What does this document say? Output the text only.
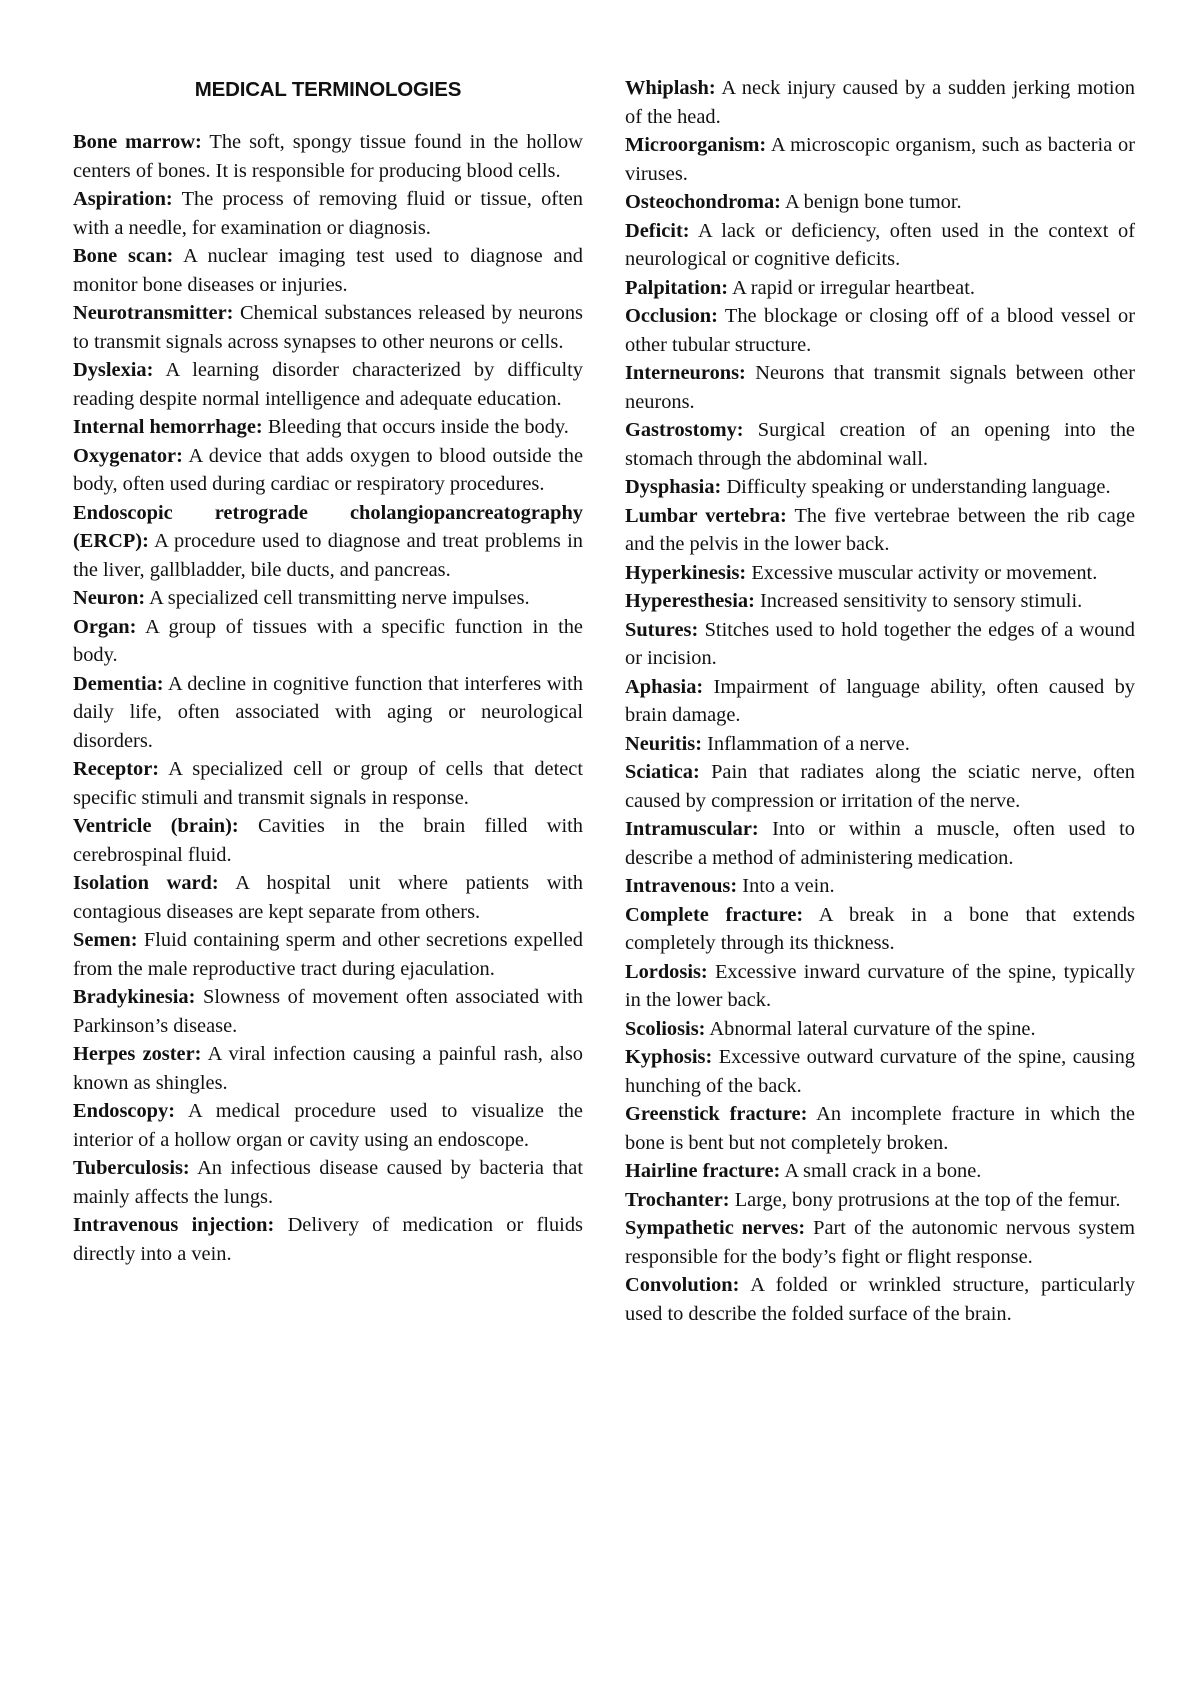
MEDICAL TERMINOLOGIES

Bone marrow: The soft, spongy tissue found in the hollow centers of bones. It is responsible for producing blood cells.

Aspiration: The process of removing fluid or tissue, often with a needle, for examination or diagnosis.

Bone scan: A nuclear imaging test used to diagnose and monitor bone diseases or injuries.

Neurotransmitter: Chemical substances released by neurons to transmit signals across synapses to other neurons or cells.

Dyslexia: A learning disorder characterized by difficulty reading despite normal intelligence and adequate education.

Internal hemorrhage: Bleeding that occurs inside the body.

Oxygenator: A device that adds oxygen to blood outside the body, often used during cardiac or respiratory procedures.

Endoscopic retrograde cholangiopancreatography (ERCP): A procedure used to diagnose and treat problems in the liver, gallbladder, bile ducts, and pancreas.

Neuron: A specialized cell transmitting nerve impulses.

Organ: A group of tissues with a specific function in the body.

Dementia: A decline in cognitive function that interferes with daily life, often associated with aging or neurological disorders.

Receptor: A specialized cell or group of cells that detect specific stimuli and transmit signals in response.

Ventricle (brain): Cavities in the brain filled with cerebrospinal fluid.

Isolation ward: A hospital unit where patients with contagious diseases are kept separate from others.

Semen: Fluid containing sperm and other secretions expelled from the male reproductive tract during ejaculation.

Bradykinesia: Slowness of movement often associated with Parkinson’s disease.

Herpes zoster: A viral infection causing a painful rash, also known as shingles.

Endoscopy: A medical procedure used to visualize the interior of a hollow organ or cavity using an endoscope.

Tuberculosis: An infectious disease caused by bacteria that mainly affects the lungs.

Intravenous injection: Delivery of medication or fluids directly into a vein.

Whiplash: A neck injury caused by a sudden jerking motion of the head.

Microorganism: A microscopic organism, such as bacteria or viruses.

Osteochondroma: A benign bone tumor.

Deficit: A lack or deficiency, often used in the context of neurological or cognitive deficits.

Palpitation: A rapid or irregular heartbeat.

Occlusion: The blockage or closing off of a blood vessel or other tubular structure.

Interneurons: Neurons that transmit signals between other neurons.

Gastrostomy: Surgical creation of an opening into the stomach through the abdominal wall.

Dysphasia: Difficulty speaking or understanding language.

Lumbar vertebra: The five vertebrae between the rib cage and the pelvis in the lower back.

Hyperkinesis: Excessive muscular activity or movement.

Hyperesthesia: Increased sensitivity to sensory stimuli.

Sutures: Stitches used to hold together the edges of a wound or incision.

Aphasia: Impairment of language ability, often caused by brain damage.

Neuritis: Inflammation of a nerve.

Sciatica: Pain that radiates along the sciatic nerve, often caused by compression or irritation of the nerve.

Intramuscular: Into or within a muscle, often used to describe a method of administering medication.

Intravenous: Into a vein.

Complete fracture: A break in a bone that extends completely through its thickness.

Lordosis: Excessive inward curvature of the spine, typically in the lower back.

Scoliosis: Abnormal lateral curvature of the spine.

Kyphosis: Excessive outward curvature of the spine, causing hunching of the back.

Greenstick fracture: An incomplete fracture in which the bone is bent but not completely broken.

Hairline fracture: A small crack in a bone.

Trochanter: Large, bony protrusions at the top of the femur.

Sympathetic nerves: Part of the autonomic nervous system responsible for the body’s fight or flight response.

Convolution: A folded or wrinkled structure, particularly used to describe the folded surface of the brain.
